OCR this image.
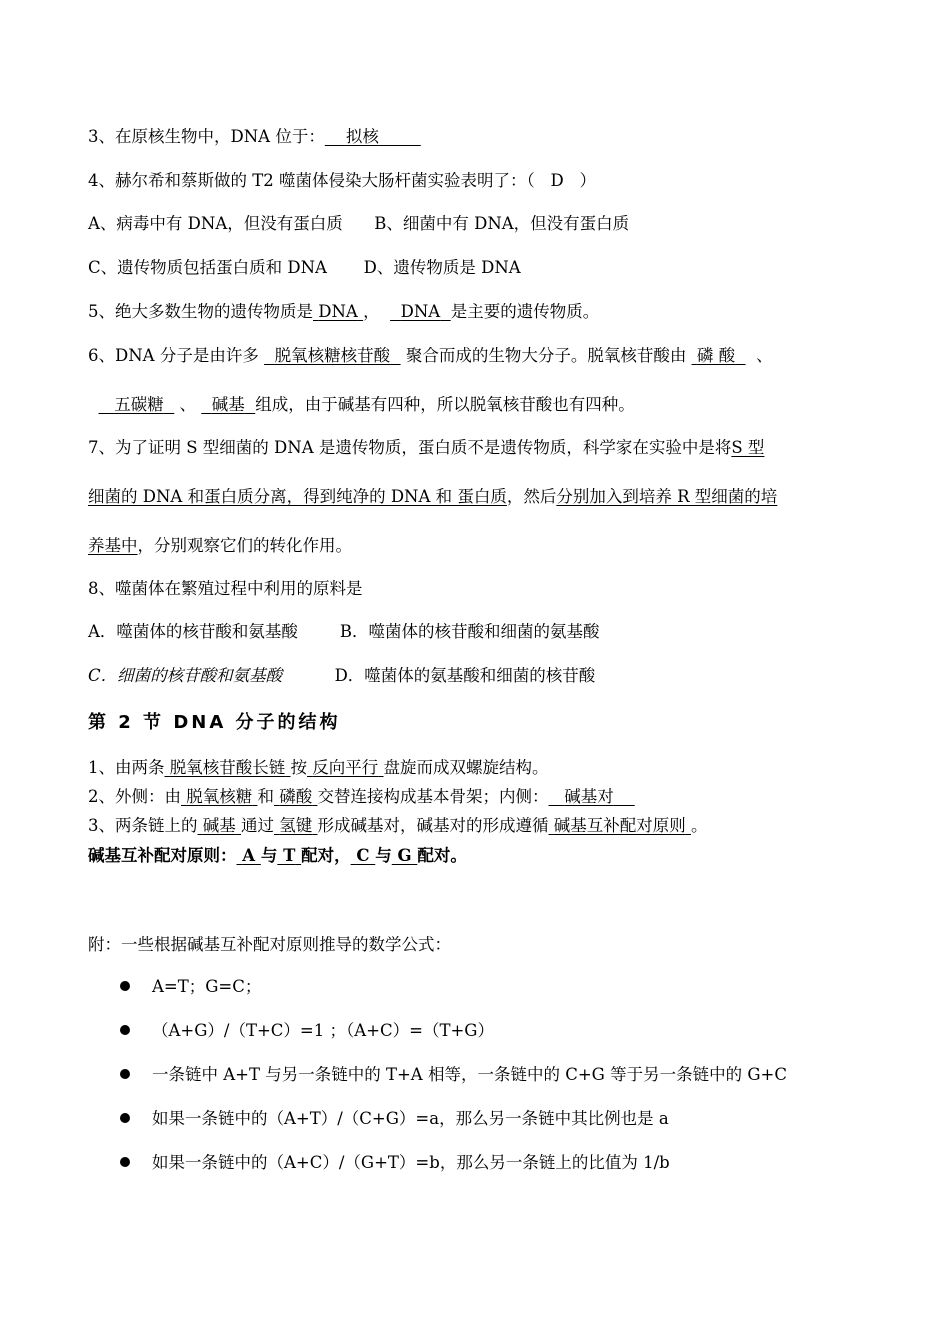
3、在原核生物中，DNA 位于： 拟核
4、赫尔希和蔡斯做的 T2 噬菌体侵染大肠杆菌实验表明了：（ D ）
A、病毒中有 DNA，但没有蛋白质 B、细菌中有 DNA，但没有蛋白质
C、遗传物质包括蛋白质和 DNA D、遗传物质是 DNA
5、绝大多数生物的遗传物质是 DNA ， DNA 是主要的遗传物质。
6、DNA 分子是由许多 脱氧核糖核苷酸 聚合而成的生物大分子。脱氧核苷酸由 磷 酸 、
五碳糖 、 碱基 组成，由于碱基有四种，所以脱氧核苷酸也有四种。
7、为了证明 S 型细菌的 DNA 是遗传物质，蛋白质不是遗传物质，科学家在实验中是将S 型
细菌的 DNA 和蛋白质分离，得到纯净的 DNA 和 蛋白质，然后分别加入到培养 R 型细菌的培
养基中，分别观察它们的转化作用。
8、噬菌体在繁殖过程中利用的原料是
A．噬菌体的核苷酸和氨基酸	B．噬菌体的核苷酸和细菌的氨基酸
C．细菌的核苷酸和氨基酸	D．噬菌体的氨基酸和细菌的核苷酸
第 2 节 DNA 分子的结构
1、由两条 脱氧核苷酸长链 按 反向平行 盘旋而成双螺旋结构。
2、外侧：由 脱氧核糖 和 磷酸 交替连接构成基本骨架；内侧： 碱基对
3、两条链上的 碱基 通过 氢键 形成碱基对，碱基对的形成遵循 碱基互补配对原则 。
碱基互补配对原则： A 与 T 配对， C 与 G 配对。
附：一些根据碱基互补配对原则推导的数学公式：
A=T；G=C；
（A+G）/（T+C）=1 ；（A+C）=（T+G）
一条链中 A+T 与另一条链中的 T+A 相等，一条链中的 C+G 等于另一条链中的 G+C
如果一条链中的（A+T）/（C+G）=a，那么另一条链中其比例也是 a
如果一条链中的（A+C）/（G+T）=b，那么另一条链上的比值为 1/b
